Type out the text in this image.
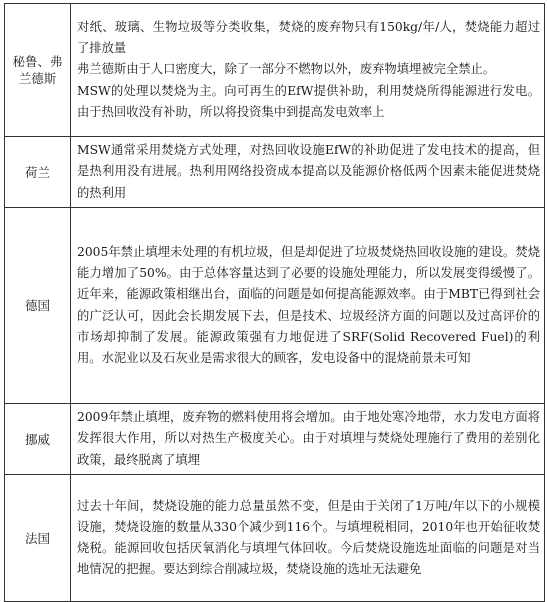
秘鲁、弗兰德斯	对纸、玻璃、生物垃圾等分类收集，焚烧的废弃物只有150kg/年/人，焚烧能力超过了排放量
弗兰德斯由于人口密度大，除了一部分不燃物以外，废弃物填埋被完全禁止。
MSW的处理以焚烧为主。向可再生的EfW提供补助，利用焚烧所得能源进行发电。由于热回收没有补助，所以将投资集中到提高发电效率上

荷兰	MSW通常采用焚烧方式处理，对热回收设施EfW的补助促进了发电技术的提高，但是热利用没有进展。热利用网络投资成本提高以及能源价格低两个因素未能促进焚烧的热利用

德国	2005年禁止填埋未处理的有机垃圾，但是却促进了垃圾焚烧热回收设施的建设。焚烧能力增加了50%。由于总体容量达到了必要的设施处理能力，所以发展变得缓慢了。近年来，能源政策相继出台，面临的问题是如何提高能源效率。由于MBT已得到社会的广泛认可，因此会长期发展下去，但是技术、垃圾经济方面的问题以及过高评价的市场却抑制了发展。能源政策强有力地促进了SRF(Solid Recovered Fuel)的利用。水泥业以及石灰业是需求很大的顾客，发电设备中的混烧前景未可知

挪威	2009年禁止填埋，废弃物的燃料使用将会增加。由于地处寒冷地带，水力发电方面将发挥很大作用，所以对热生产极度关心。由于对填埋与焚烧处理施行了费用的差别化政策，最终脱离了填埋

法国	过去十年间，焚烧设施的能力总量虽然不变，但是由于关闭了1万吨/年以下的小规模设施，焚烧设施的数量从330个减少到116个。与填埋税相同，2010年也开始征收焚烧税。能源回收包括厌氧消化与填埋气体回收。今后焚烧设施选址面临的问题是对当地情况的把握。要达到综合削减垃圾，焚烧设施的选址无法避免
